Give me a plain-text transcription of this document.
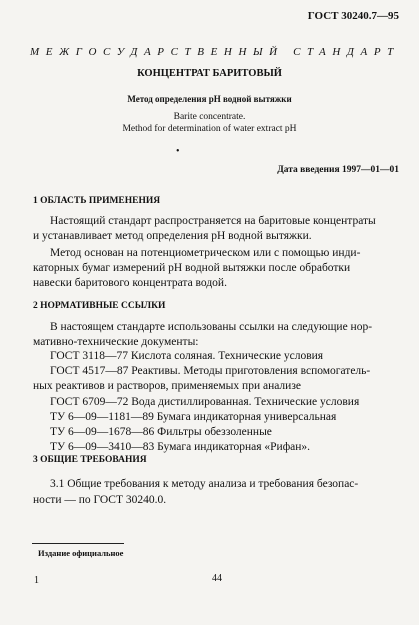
ГОСТ 30240.7—95
МЕЖГОСУДАРСТВЕННЫЙ СТАНДАРТ
КОНЦЕНТРАТ БАРИТОВЫЙ
Метод определения pH водной вытяжки
Barite concentrate.
Method for determination of water extract pH
•
Дата введения 1997—01—01
1 ОБЛАСТЬ ПРИМЕНЕНИЯ
Настоящий стандарт распространяется на баритовые концентраты
и устанавливает метод определения pH водной вытяжки.
Метод основан на потенциометрическом или с помощью инди-
каторных бумаг измерений pH водной вытяжки после обработки
навески баритового концентрата водой.
2 НОРМАТИВНЫЕ ССЫЛКИ
В настоящем стандарте использованы ссылки на следующие нор-
мативно-технические документы:
ГОСТ 3118—77 Кислота соляная. Технические условия
ГОСТ 4517—87 Реактивы. Методы приготовления вспомогатель-
ных реактивов и растворов, применяемых при анализе
ГОСТ 6709—72 Вода дистиллированная. Технические условия
ТУ 6—09—1181—89 Бумага индикаторная универсальная
ТУ 6—09—1678—86 Фильтры обеззоленные
ТУ 6—09—3410—83 Бумага индикаторная «Рифан».
3 ОБЩИЕ ТРЕБОВАНИЯ
3.1 Общие требования к методу анализа и требования безопас-
ности — по ГОСТ 30240.0.
Издание официальное
1	44
